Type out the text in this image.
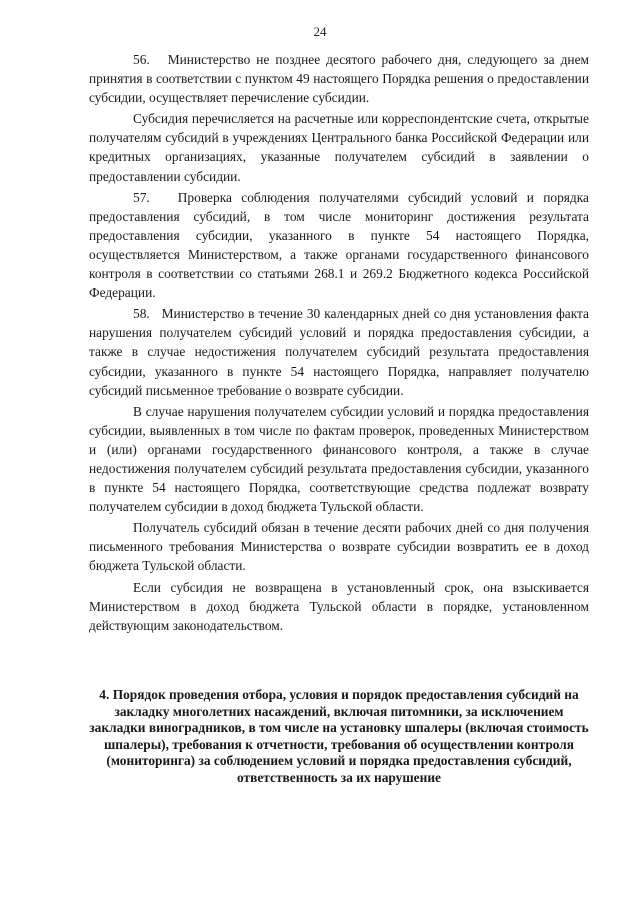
24

56.   Министерство не позднее десятого рабочего дня, следующего за днем принятия в соответствии с пунктом 49 настоящего Порядка решения о предоставлении субсидии, осуществляет перечисление субсидии.

Субсидия перечисляется на расчетные или корреспондентские счета, открытые получателям субсидий в учреждениях Центрального банка Российской Федерации или кредитных организациях, указанные получателем субсидий в заявлении о предоставлении субсидии.

57.   Проверка соблюдения получателями субсидий условий и порядка предоставления субсидий, в том числе мониторинг достижения результата предоставления субсидии, указанного в пункте 54 настоящего Порядка, осуществляется Министерством, а также органами государственного финансового контроля в соответствии со статьями 268.1 и 269.2 Бюджетного кодекса Российской Федерации.

58.   Министерство в течение 30 календарных дней со дня установления факта нарушения получателем субсидий условий и порядка предоставления субсидии, а также в случае недостижения получателем субсидий результата предоставления субсидии, указанного в пункте 54 настоящего Порядка, направляет получателю субсидий письменное требование о возврате субсидии.

В случае нарушения получателем субсидии условий и порядка предоставления субсидии, выявленных в том числе по фактам проверок, проведенных Министерством и (или) органами государственного финансового контроля, а также в случае недостижения получателем субсидий результата предоставления субсидии, указанного в пункте 54 настоящего Порядка, соответствующие средства подлежат возврату получателем субсидии в доход бюджета Тульской области.

Получатель субсидий обязан в течение десяти рабочих дней со дня получения письменного требования Министерства о возврате субсидии возвратить ее в доход бюджета Тульской области.

Если субсидия не возвращена в установленный срок, она взыскивается Министерством в доход бюджета Тульской области в порядке, установленном действующим законодательством.

4. Порядок проведения отбора, условия и порядок предоставления субсидий на закладку многолетних насаждений, включая питомники, за исключением закладки виноградников, в том числе на установку шпалеры (включая стоимость шпалеры), требования к отчетности, требования об осуществлении контроля (мониторинга) за соблюдением условий и порядка предоставления субсидий, ответственность за их нарушение
